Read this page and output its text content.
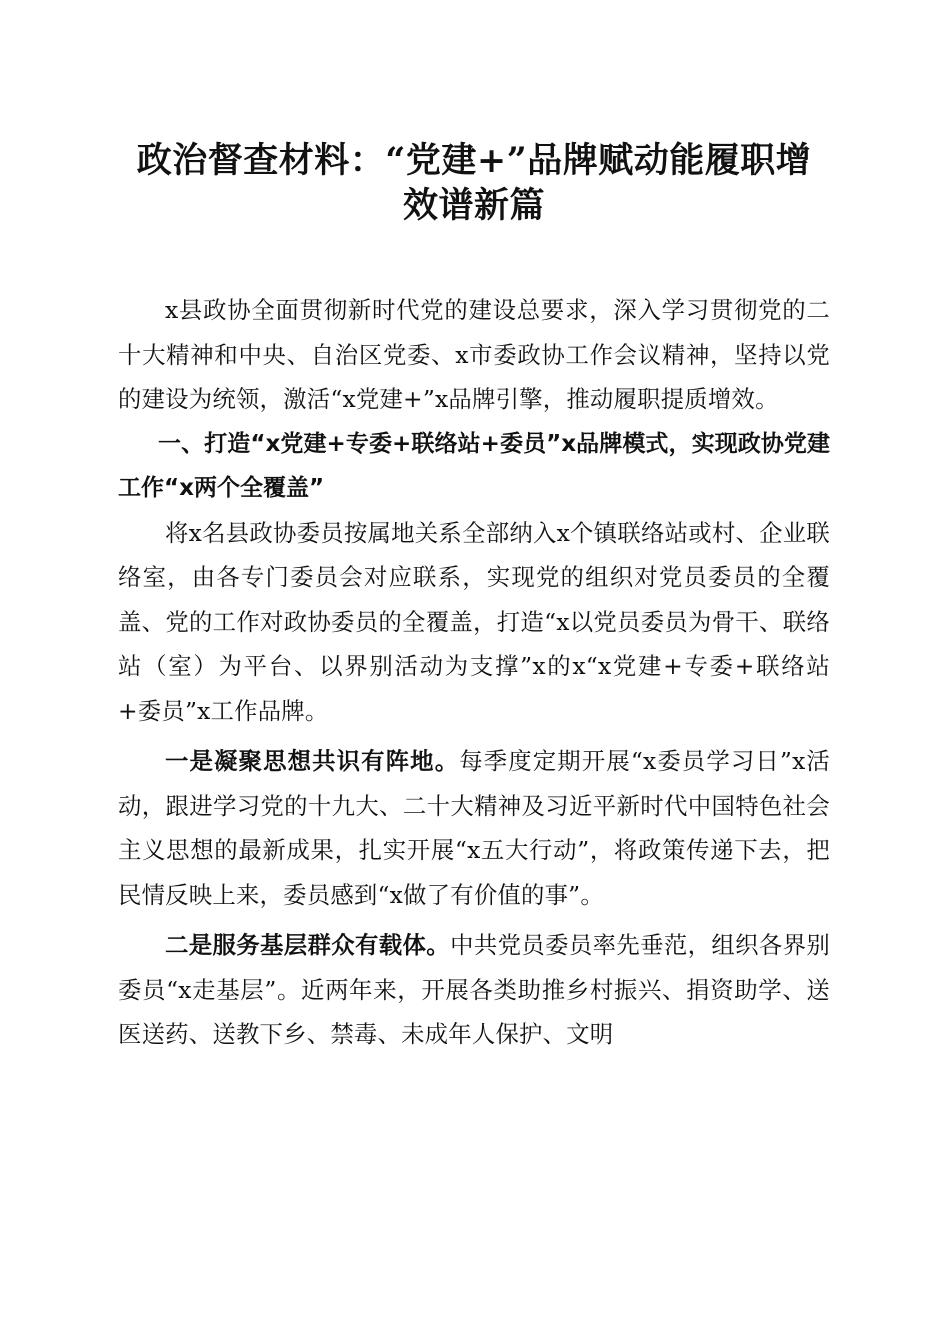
政治督查材料：“党建+”品牌赋动能履职增
效谱新篇

x县政协全面贯彻新时代党的建设总要求，深入学习贯彻党的二十大精神和中央、自治区党委、x市委政协工作会议精神，坚持以党的建设为统领，激活“x党建+”x品牌引擎，推动履职提质增效。

一、打造“x党建+专委+联络站+委员”x品牌模式，实现政协党建工作“x两个全覆盖”

将x名县政协委员按属地关系全部纳入x个镇联络站或村、企业联络室，由各专门委员会对应联系，实现党的组织对党员委员的全覆盖、党的工作对政协委员的全覆盖，打造“x以党员委员为骨干、联络站（室）为平台、以界别活动为支撑”x的x“x党建+专委+联络站+委员”x工作品牌。

一是凝聚思想共识有阵地。每季度定期开展“x委员学习日”x活动，跟进学习党的十九大、二十大精神及习近平新时代中国特色社会主义思想的最新成果，扎实开展“x五大行动”，将政策传递下去，把民情反映上来，委员感到“x做了有价值的事”。

二是服务基层群众有载体。中共党员委员率先垂范，组织各界别委员“x走基层”。近两年来，开展各类助推乡村振兴、捐资助学、送医送药、送教下乡、禁毒、未成年人保护、文明
